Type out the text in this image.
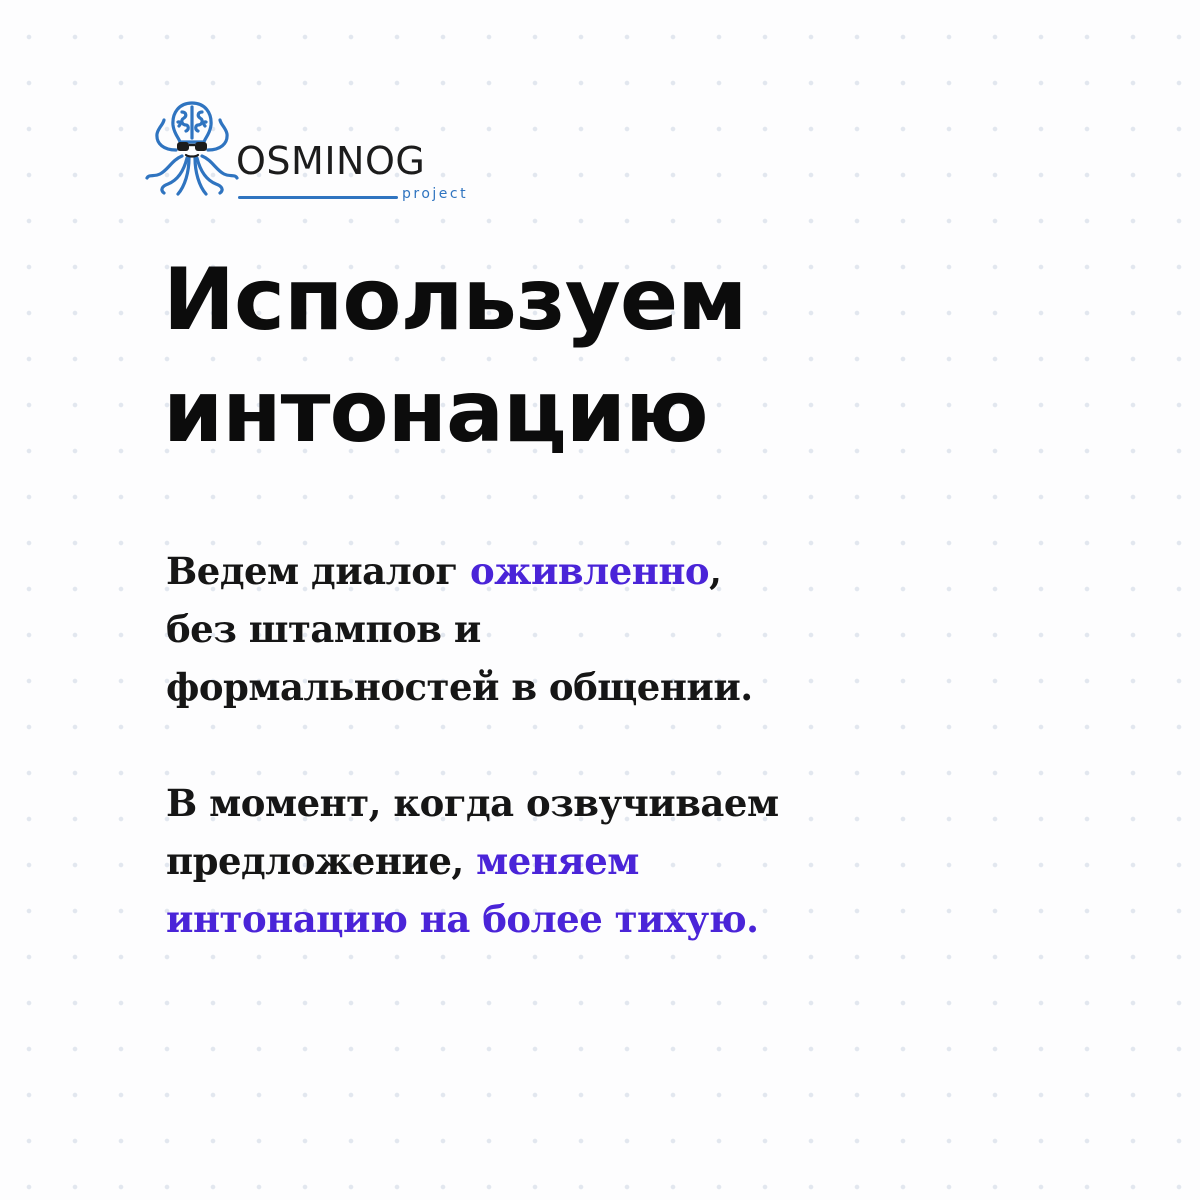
OSMINOG
project
Используем
интонацию

Ведем диалог оживленно,
без штампов и
формальностей в общении.

В момент, когда озвучиваем
предложение, меняем
интонацию на более тихую.
